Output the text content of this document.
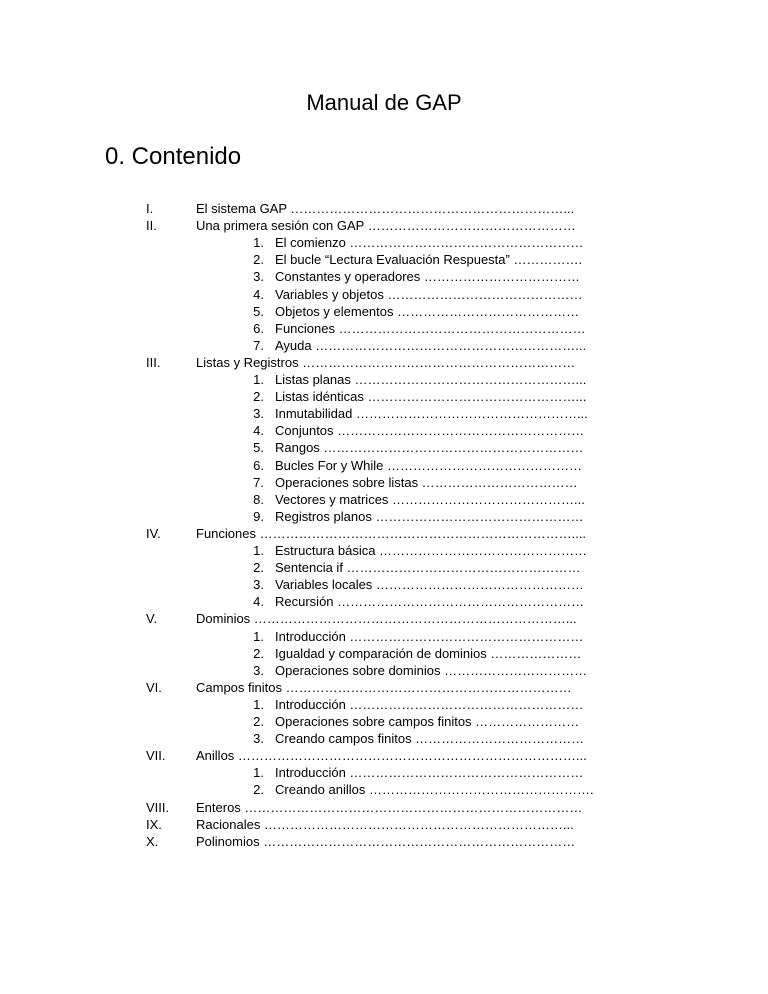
Manual de GAP
0. Contenido
I.	El sistema GAP ………………………………………………………...
II.	Una primera sesión con GAP …………………………………………
1. El comienzo ………………………………………………
2. El bucle “Lectura Evaluación Respuesta” …………….
3. Constantes y operadores ………………………………
4. Variables y objetos ………………………………………
5. Objetos y elementos ……………………………………
6. Funciones …………………………………………………
7. Ayuda ……………………………………………………...
III.	Listas y Registros ………………………………………………………
1. Listas planas ……………………………………………...
2. Listas idénticas …………………………………………...
3. Inmutabilidad ……………………………………………...
4. Conjuntos …………………………………………………
5. Rangos ……………………………………………………
6. Bucles For y While ………………………………………
7. Operaciones sobre listas ………………………………
8. Vectores y matrices ……………………………………...
9. Registros planos …………………………………………
IV.	Funciones ………………………………………………………………....
1. Estructura básica …………………………………………
2. Sentencia if ………………………………………………
3. Variables locales …………………………………………
4. Recursión …………………………………………………
V.	Dominios ………………………………………………………………...
1. Introducción ………………………………………………
2. Igualdad y comparación de dominios …………………
3. Operaciones sobre dominios ……………………………
VI.	Campos finitos …………………………………………………………
1. Introducción ………………………………………………
2. Operaciones sobre campos finitos ……………………
3. Creando campos finitos …………………………………
VII. Anillos ……………………………………………………………………...
1. Introducción ………………………………………………
2. Creando anillos …………………………………………….
VIII. Enteros ……………………………………………………………………
IX.	Racionales ……………………………………………………………...
X.	Polinomios ………………………………………………………………
